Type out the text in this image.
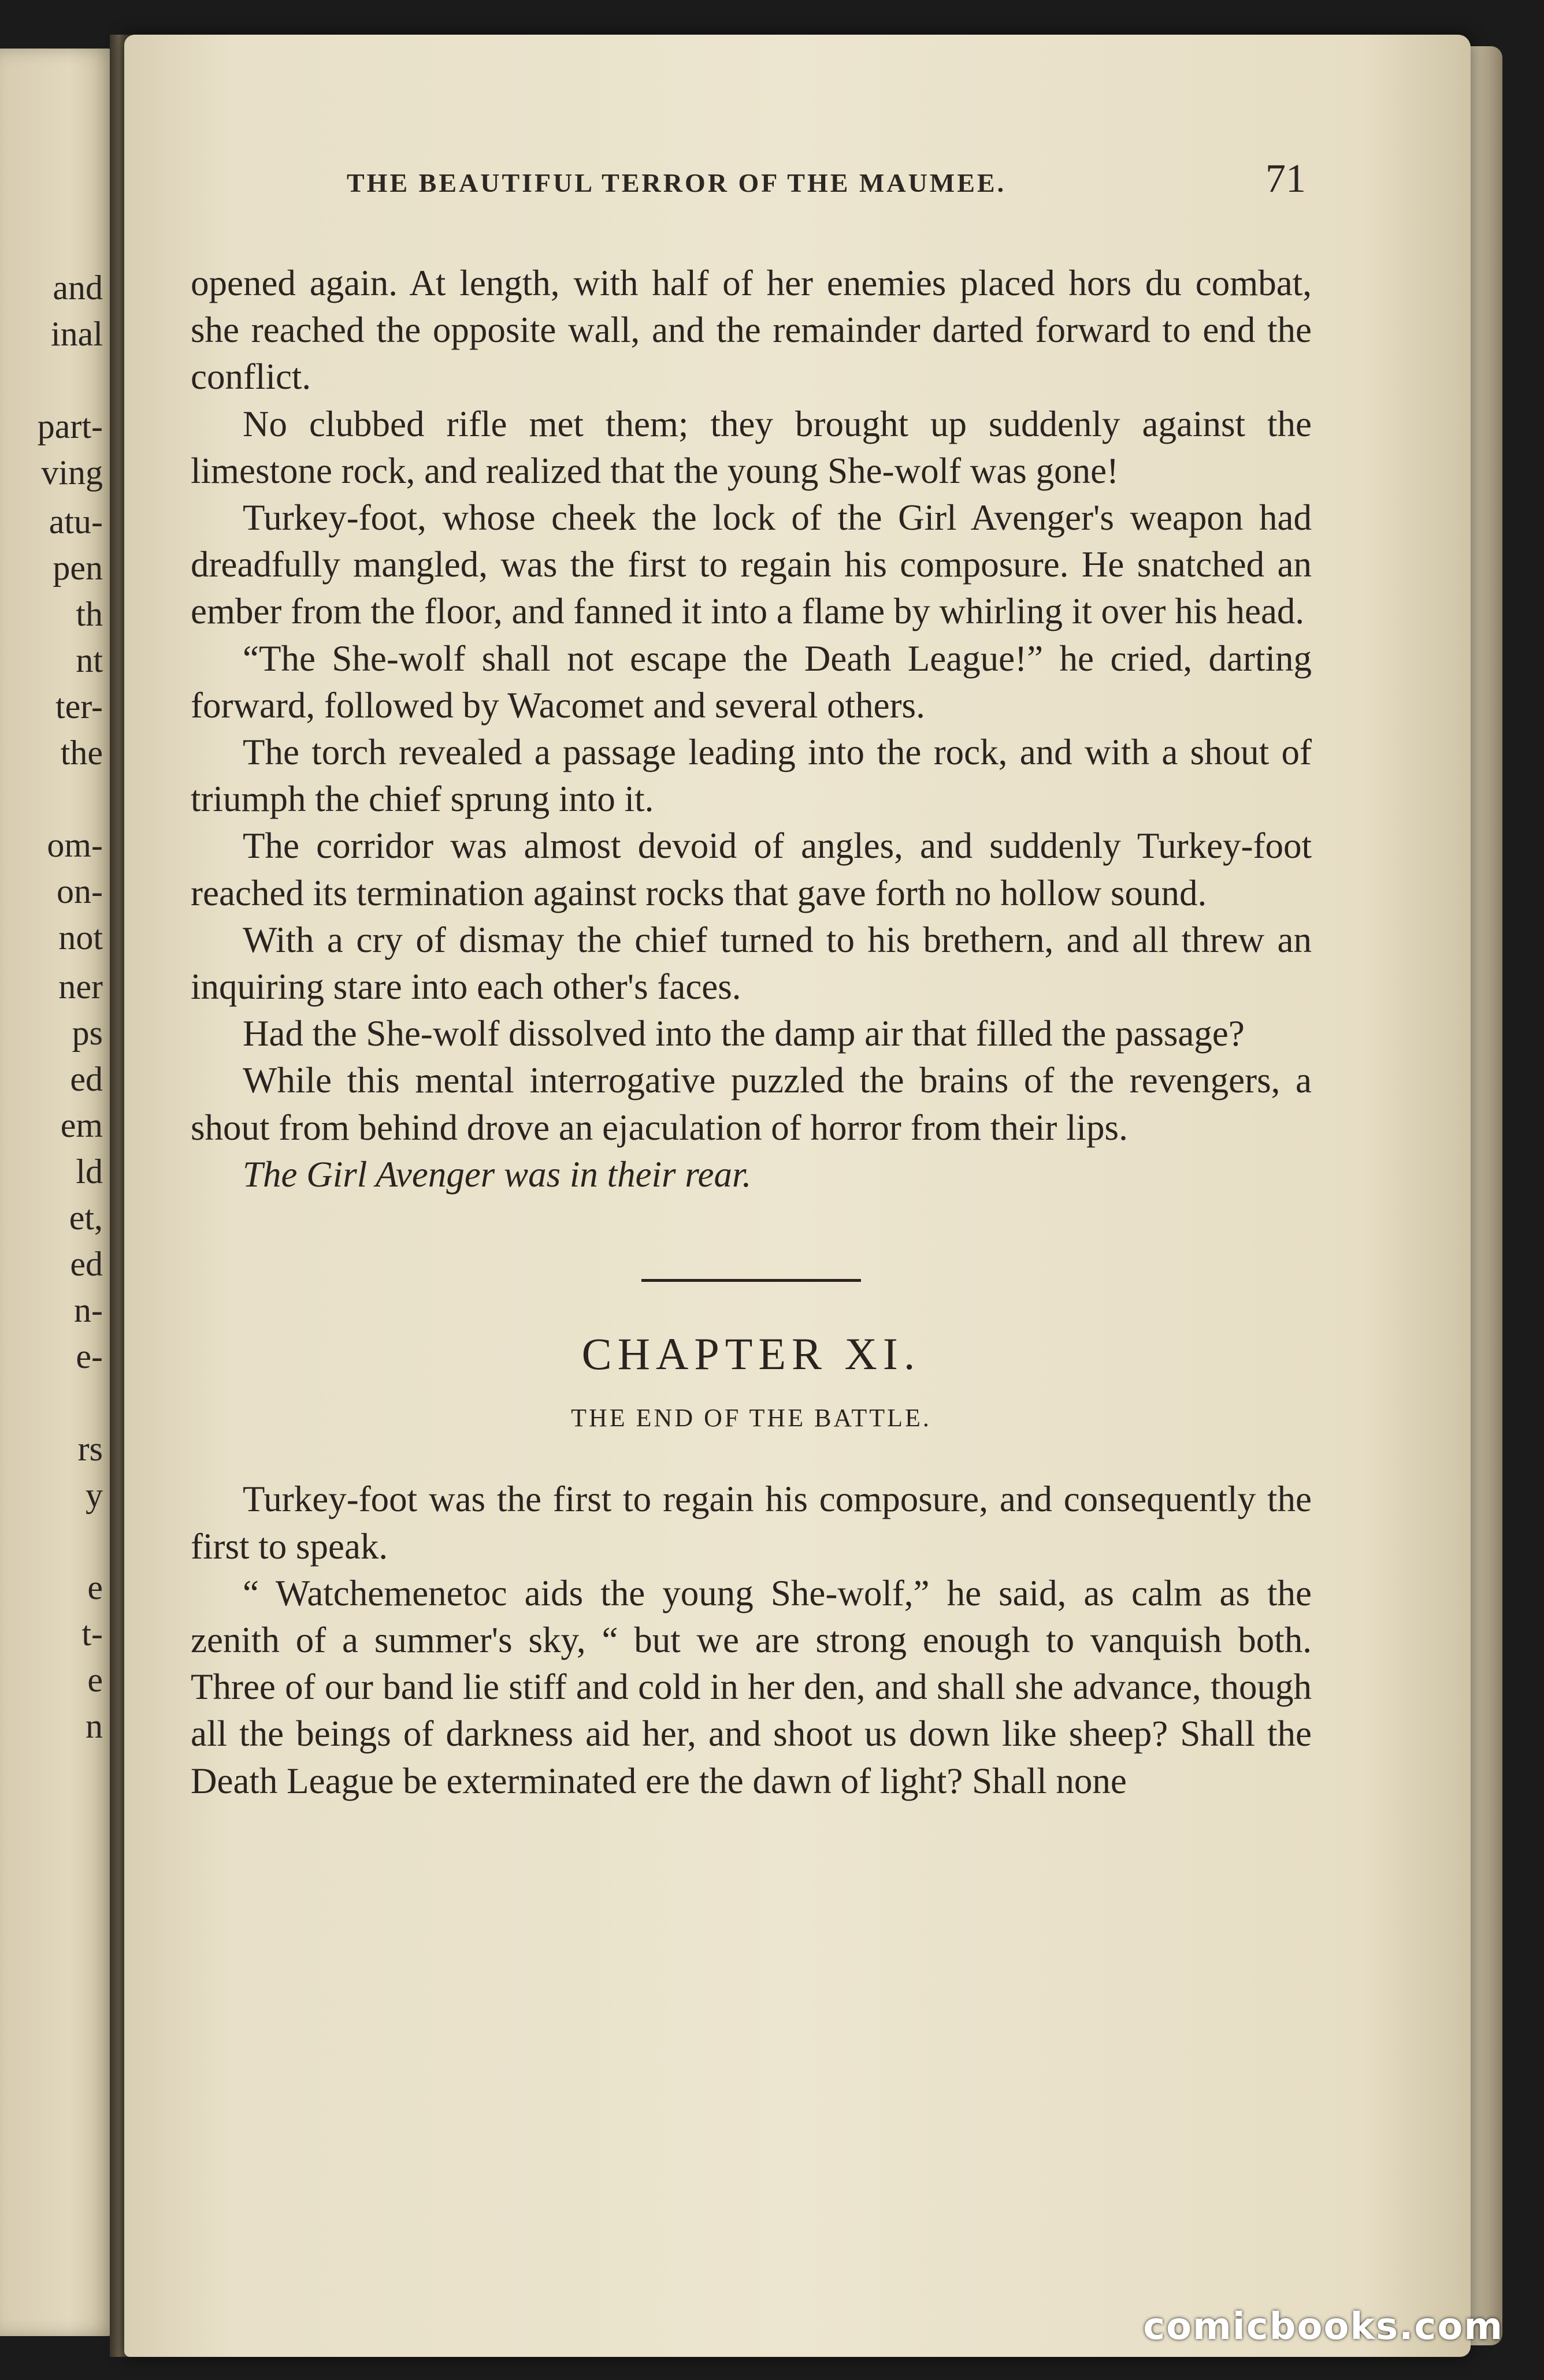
and
inal
part-
ving
atu-
pen
th
nt
ter-
the
om-
on-
not
ner
ps
ed
em
ld
et,
ed
n-
e-
rs
y
e
t-
e
n
THE BEAUTIFUL TERROR OF THE MAUMEE.	71

opened again. At length, with half of her enemies placed hors du combat, she reached the opposite wall, and the remainder darted forward to end the conflict.

No clubbed rifle met them; they brought up suddenly against the limestone rock, and realized that the young She-wolf was gone!

Turkey-foot, whose cheek the lock of the Girl Avenger's weapon had dreadfully mangled, was the first to regain his composure. He snatched an ember from the floor, and fanned it into a flame by whirling it over his head.

“The She-wolf shall not escape the Death League!” he cried, darting forward, followed by Wacomet and several others.

The torch revealed a passage leading into the rock, and with a shout of triumph the chief sprung into it.

The corridor was almost devoid of angles, and suddenly Turkey-foot reached its termination against rocks that gave forth no hollow sound.

With a cry of dismay the chief turned to his brethern, and all threw an inquiring stare into each other's faces.

Had the She-wolf dissolved into the damp air that filled the passage?

While this mental interrogative puzzled the brains of the revengers, a shout from behind drove an ejaculation of horror from their lips.

The Girl Avenger was in their rear.

CHAPTER XI.
THE END OF THE BATTLE.

Turkey-foot was the first to regain his composure, and consequently the first to speak.

“ Watchemenetoc aids the young She-wolf,” he said, as calm as the zenith of a summer's sky, “ but we are strong enough to vanquish both. Three of our band lie stiff and cold in her den, and shall she advance, though all the beings of darkness aid her, and shoot us down like sheep? Shall the Death League be exterminated ere the dawn of light? Shall none

comicbooks.com
